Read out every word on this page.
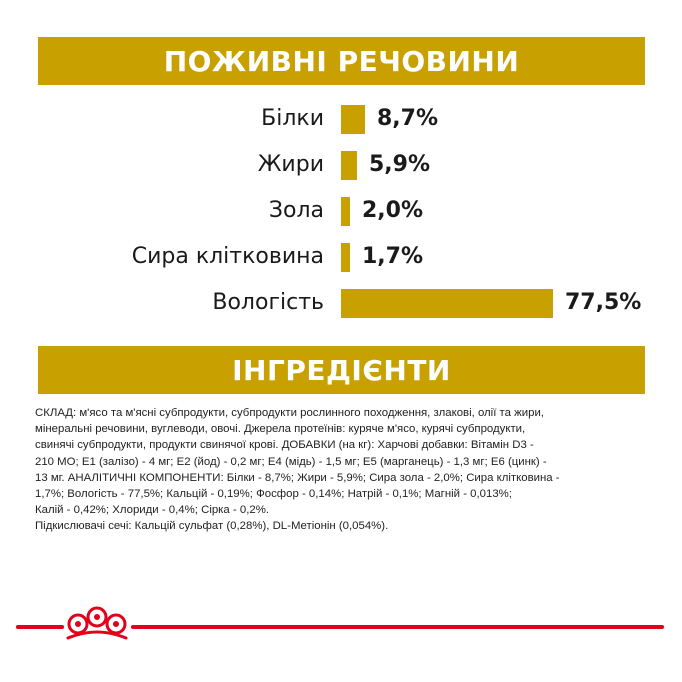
ПОЖИВНІ РЕЧОВИНИ
Білки 8,7%
Жири 5,9%
Зола 2,0%
Сира клітковина 1,7%
Вологість	77,5%
ІНГРЕДІЄНТИ

СКЛАД: м'ясо та м'ясні субпродукти, субпродукти рослинного походження, злакові, олії та жири,
мінеральні речовини, вуглеводи, овочі. Джерела протеїнів: куряче м'ясо, курячі субпродукти,
свинячі субпродукти, продукти свинячої крові. ДОБАВКИ (на кг): Харчові добавки: Вітамін D3 -
210 МО; Е1 (залізо) - 4 мг; Е2 (йод) - 0,2 мг; Е4 (мідь) - 1,5 мг; Е5 (марганець) - 1,3 мг; Е6 (цинк) -
13 мг. АНАЛІТИЧНІ КОМПОНЕНТИ: Білки - 8,7%; Жири - 5,9%; Сира зола - 2,0%; Сира клітковина -
1,7%; Вологість - 77,5%; Кальцій - 0,19%; Фосфор - 0,14%; Натрій - 0,1%; Магній - 0,013%;
Калій - 0,42%; Хлориди - 0,4%; Сірка - 0,2%.
Підкислювачі сечі: Кальцій сульфат (0,28%), DL-Метіонін (0,054%).
